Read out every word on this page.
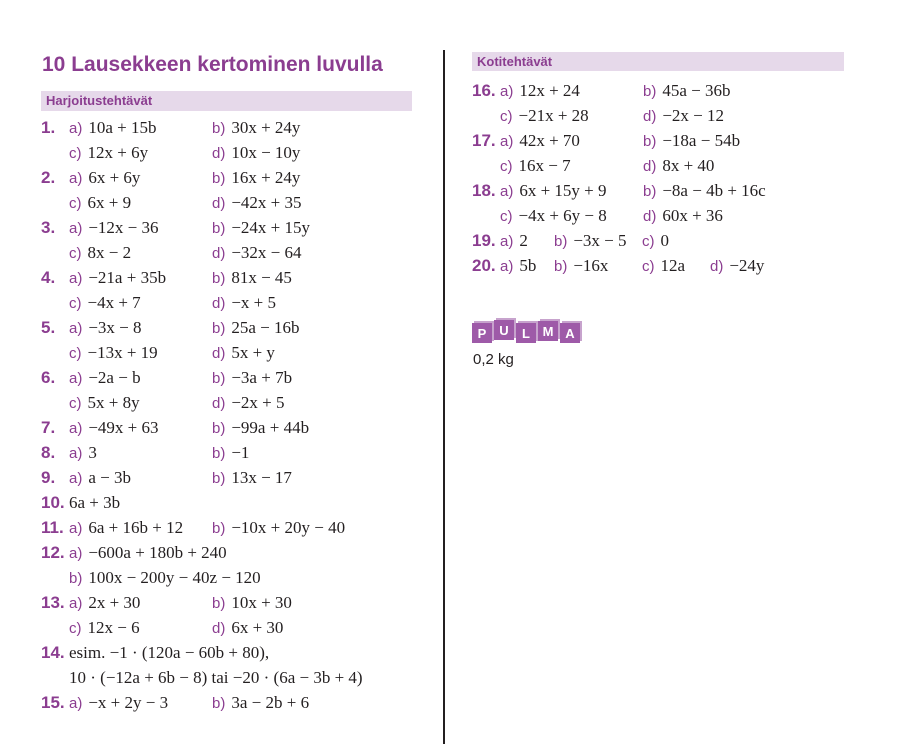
10 Lausekkeen kertominen luvulla
Harjoitustehtävät
Kotitehtävät
1. a) 10a + 15b	b) 30x + 24y
c) 12x + 6y	d) 10x − 10y
2. a) 6x + 6y	b) 16x + 24y
c) 6x + 9	d) −42x + 35
3. a) −12x − 36	b) −24x + 15y
c) 8x − 2	d) −32x − 64
4. a) −21a + 35b	b) 81x − 45
c) −4x + 7	d) −x + 5
5. a) −3x − 8	b) 25a − 16b
c) −13x + 19	d) 5x + y
6. a) −2a − b	b) −3a + 7b
c) 5x + 8y	d) −2x + 5
7. a) −49x + 63	b) −99a + 44b
8. a) 3	b) −1
9. a) a − 3b	b) 13x − 17
10. 6a + 3b
11. a) 6a + 16b + 12 b) −10x + 20y − 40
12. a) −600a + 180b + 240
b) 100x − 200y − 40z − 120
13. a) 2x + 30	b) 10x + 30
c) 12x − 6	d) 6x + 30
14. esim. −1 · (120a − 60b + 80),
10 · (−12a + 6b − 8) tai −20 · (6a − 3b + 4)
15. a) −x + 2y − 3	b) 3a − 2b + 6
16. a) 12x + 24	b) 45a − 36b
c) −21x + 28	d) −2x − 12
17. a) 42x + 70	b) −18a − 54b
c) 16x − 7	d) 8x + 40
18. a) 6x + 15y + 9 b) −8a − 4b + 16c
c) −4x + 6y − 8 d) 60x + 36
19. a) 2 b) −3x − 5 c) 0
20. a) 5b b) −16x c) 12a d) −24y
P U	L M A
0,2 kg
